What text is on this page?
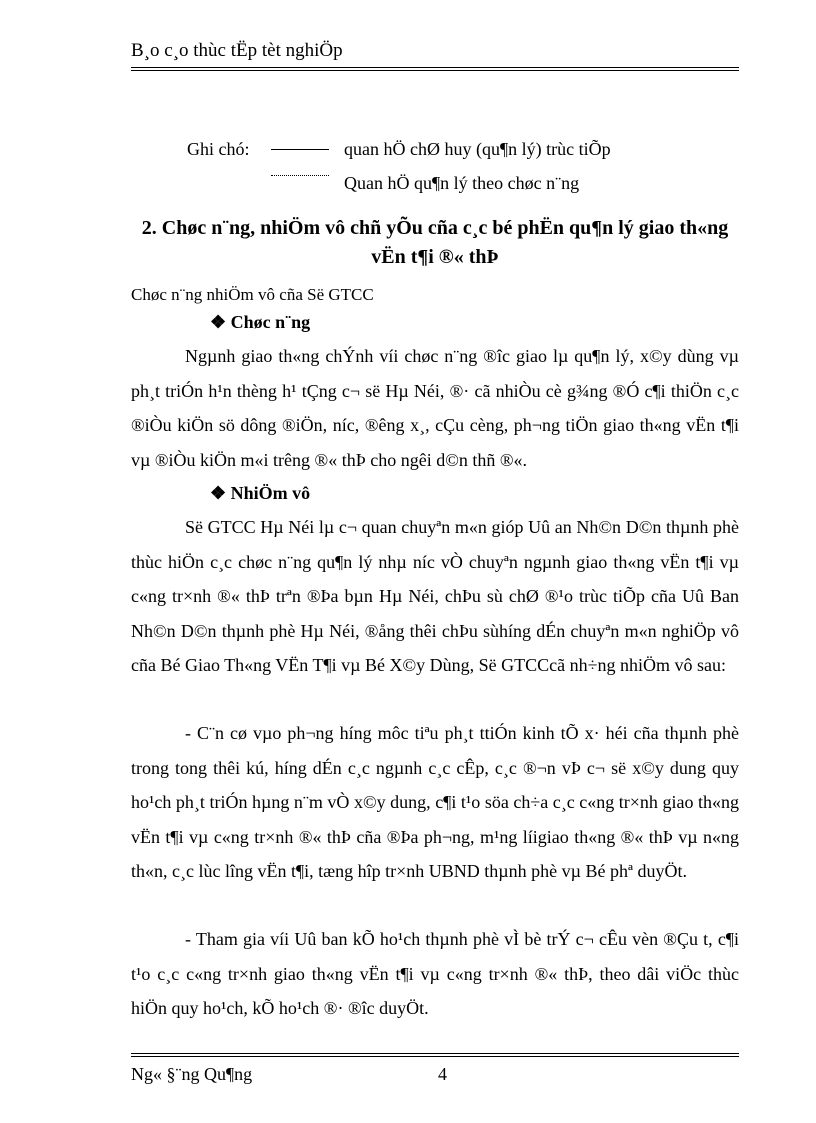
B¸o c¸o thùc tËp tèt nghiÖp
Ghi chó:	quan hÖ chØ huy (qu¶n lý) trùc tiÕp
Quan hÖ qu¶n lý theo chøc n¨ng
2. Chøc n¨ng, nhiÖm vô chñ yÕu cña c¸c bé phËn qu¶n lý giao th«ng vËn t¶i ®« thÞ
Chøc n¨ng nhiÖm vô cña Së GTCC
❖ Chøc n¨ng

Ngµnh giao th«ng chÝnh víi chøc n¨ng ®îc giao lµ qu¶n lý, x©y dùng vµ ph¸t triÓn h¹n thèng h¹ tÇng c¬ së Hµ Néi, ®· cã nhiÒu cè g¾ng ®Ó c¶i thiÖn c¸c ®iÒu kiÖn sö dông ®iÖn, níc, ®êng x¸, cÇu cèng, ph¬ng tiÖn giao th«ng vËn t¶i vµ ®iÒu kiÖn m«i trêng ®« thÞ cho ngêi d©n thñ ®«.

❖ NhiÖm vô

Së GTCC Hµ Néi lµ c¬ quan chuyªn m«n gióp Uû an Nh©n D©n thµnh phè thùc hiÖn c¸c chøc n¨ng qu¶n lý nhµ níc vÒ chuyªn ngµnh giao th«ng vËn t¶i vµ c«ng tr×nh ®« thÞ trªn ®Þa bµn Hµ Néi, chÞu sù chØ ®¹o trùc tiÕp cña Uû Ban Nh©n D©n thµnh phè Hµ Néi, ®ång thêi chÞu sùhíng dÉn chuyªn m«n nghiÖp vô cña Bé Giao Th«ng VËn T¶i vµ Bé X©y Dùng, Së GTCCcã nh÷ng nhiÖm vô sau:

- C¨n cø vµo ph¬ng híng môc tiªu ph¸t ttiÓn kinh tÕ x· héi cña thµnh phè trong tong thêi kú, híng dÉn c¸c ngµnh c¸c cÊp, c¸c ®¬n vÞ c¬ së x©y dung quy ho¹ch ph¸t triÓn hµng n¨m vÒ x©y dung, c¶i t¹o söa ch÷a c¸c c«ng tr×nh giao th«ng vËn t¶i vµ c«ng tr×nh ®« thÞ cña ®Þa ph¬ng, m¹ng líigiao th«ng ®« thÞ vµ n«ng th«n, c¸c lùc lîng vËn t¶i, tæng hîp tr×nh UBND thµnh phè vµ Bé phª duyÖt.

- Tham gia víi Uû ban kÕ ho¹ch thµnh phè vÌ bè trÝ c¬ cÊu vèn ®Çu t, c¶i t¹o c¸c c«ng tr×nh giao th«ng vËn t¶i vµ c«ng tr×nh ®« thÞ, theo dâi viÖc thùc hiÖn quy ho¹ch, kÕ ho¹ch ®· ®îc duyÖt.

Ng« §¨ng Qu¶ng	4
